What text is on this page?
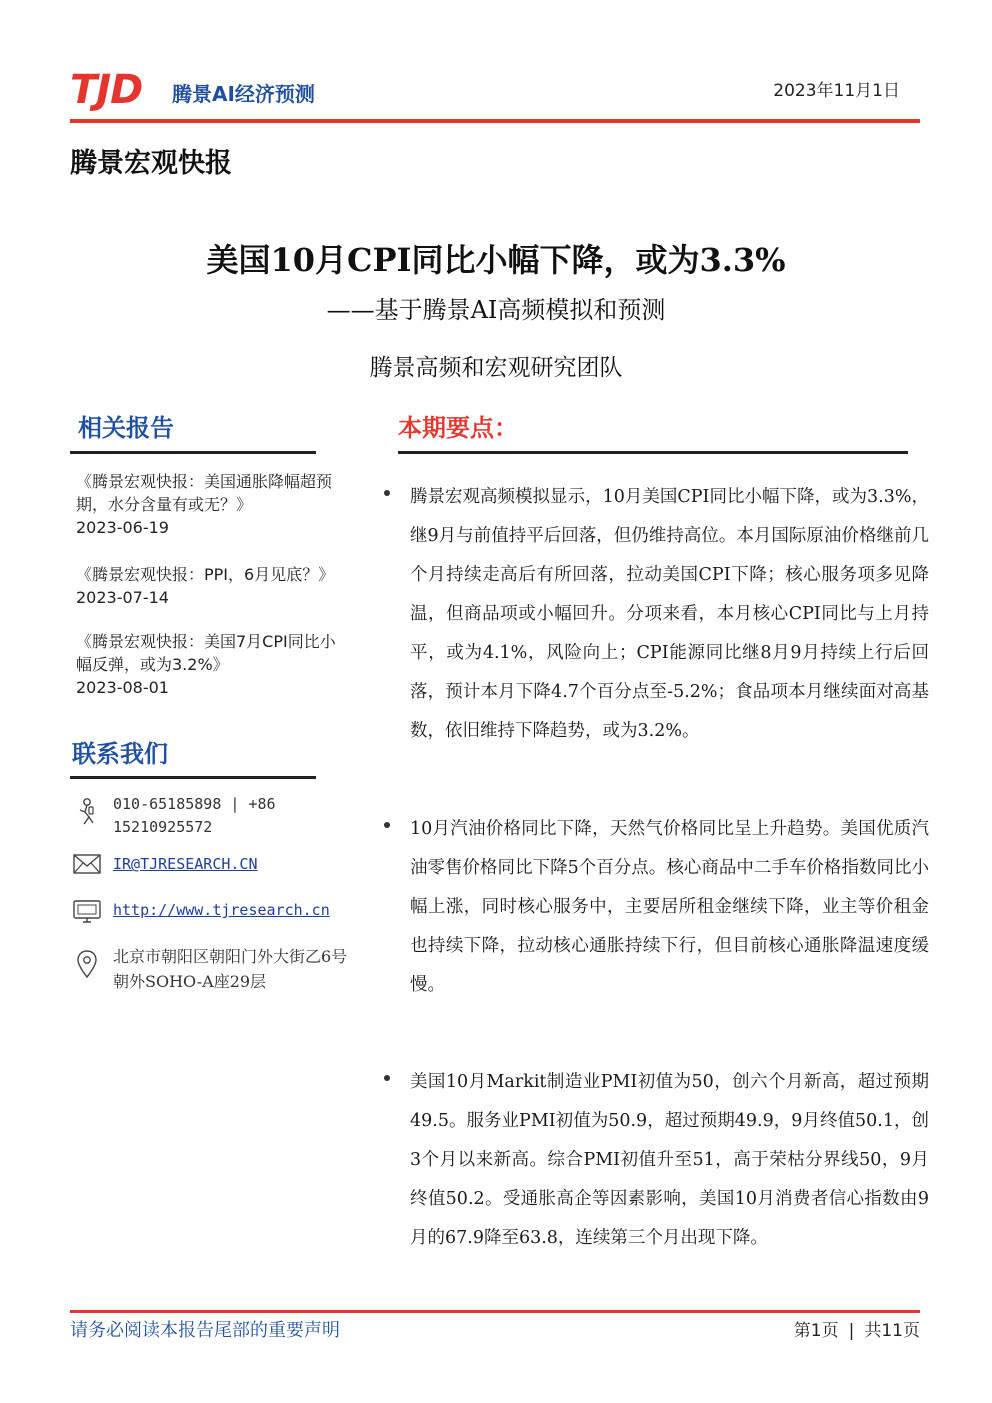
TJD 腾景AI经济预测	2023年11月1日
腾景宏观快报
美国10月CPI同比小幅下降，或为3.3%
——基于腾景AI高频模拟和预测
腾景高频和宏观研究团队
相关报告
《腾景宏观快报：美国通胀降幅超预期，水分含量有或无？》
2023-06-19
《腾景宏观快报：PPI，6月见底？》
2023-07-14
《腾景宏观快报：美国7月CPI同比小幅反弹，或为3.2%》
2023-08-01
联系我们
010-65185898 | +86 15210925572
IR@TJRESEARCH.CN
http://www.tjresearch.cn
北京市朝阳区朝阳门外大街乙6号朝外SOHO-A座29层
本期要点：
腾景宏观高频模拟显示，10月美国CPI同比小幅下降，或为3.3%，继9月与前值持平后回落，但仍维持高位。本月国际原油价格继前几个月持续走高后有所回落，拉动美国CPI下降；核心服务项多见降温，但商品项或小幅回升。分项来看，本月核心CPI同比与上月持平，或为4.1%，风险向上；CPI能源同比继8月9月持续上行后回落，预计本月下降4.7个百分点至-5.2%；食品项本月继续面对高基数，依旧维持下降趋势，或为3.2%。
10月汽油价格同比下降，天然气价格同比呈上升趋势。美国优质汽油零售价格同比下降5个百分点。核心商品中二手车价格指数同比小幅上涨，同时核心服务中，主要居所租金继续下降，业主等价租金也持续下降，拉动核心通胀持续下行，但目前核心通胀降温速度缓慢。
美国10月Markit制造业PMI初值为50，创六个月新高，超过预期49.5。服务业PMI初值为50.9，超过预期49.9，9月终值50.1，创3个月以来新高。综合PMI初值升至51，高于荣枯分界线50，9月终值50.2。受通胀高企等因素影响，美国10月消费者信心指数由9月的67.9降至63.8，连续第三个月出现下降。
请务必阅读本报告尾部的重要声明	第1页 | 共11页
